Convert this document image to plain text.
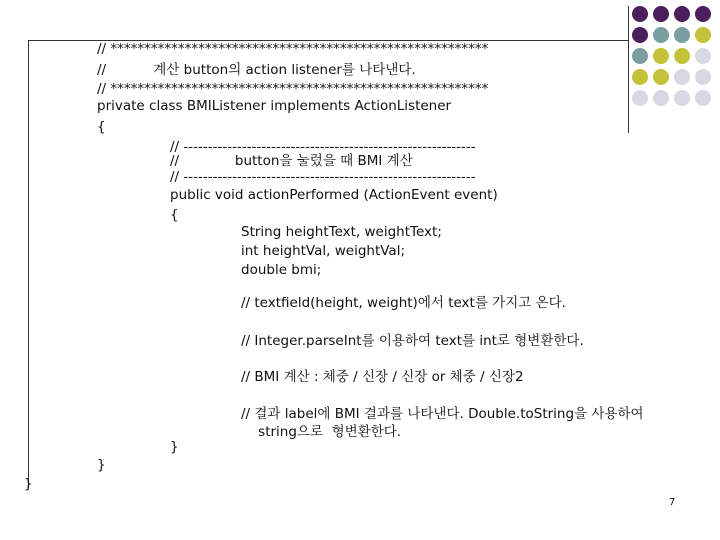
// ********************************************************
//           계산 button의 action listener를 나타낸다.
// ********************************************************
private class BMIListener implements ActionListener
{
// ------------------------------------------------------------
//             button을 눌렀을 때 BMI 계산
// ------------------------------------------------------------
public void actionPerformed (ActionEvent event)
{
String heightText, weightText;
int heightVal, weightVal;
double bmi;
// textfield(height, weight)에서 text를 가지고 온다.
// Integer.parseInt를 이용하여 text를 int로 형변환한다.
// BMI 계산 : 체중 / 신장 / 신장 or 체중 / 신장2
// 결과 label에 BMI 결과를 나타낸다. Double.toString을 사용하여
string으로  형변환한다.
}
}
}
7
